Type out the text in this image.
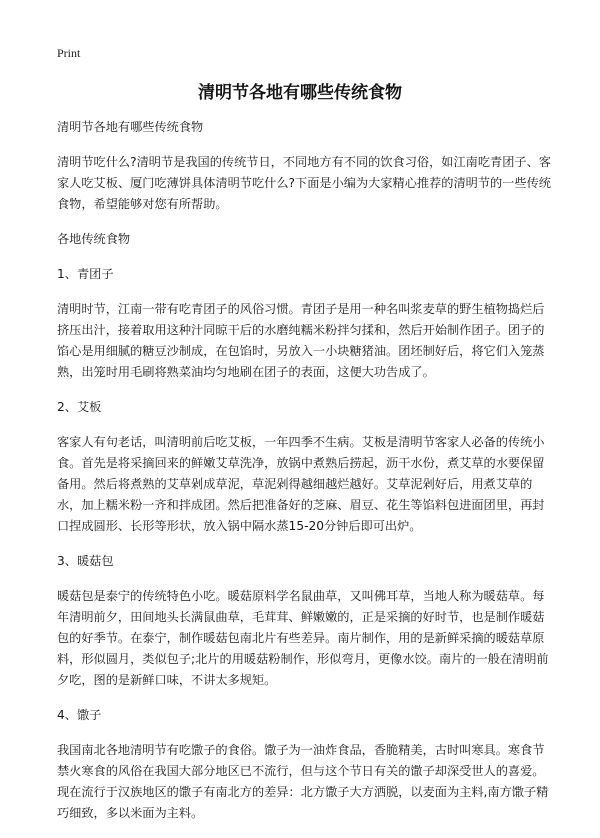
Print
清明节各地有哪些传统食物

清明节各地有哪些传统食物

清明节吃什么?清明节是我国的传统节日，不同地方有不同的饮食习俗，如江南吃青团子、客家人吃艾板、厦门吃薄饼具体清明节吃什么?下面是小编为大家精心推荐的清明节的一些传统食物，希望能够对您有所帮助。

各地传统食物

1、青团子

清明时节，江南一带有吃青团子的风俗习惯。青团子是用一种名叫浆麦草的野生植物捣烂后挤压出汁，接着取用这种汁同晾干后的水磨纯糯米粉拌匀揉和，然后开始制作团子。团子的馅心是用细腻的糖豆沙制成，在包馅时，另放入一小块糖猪油。团坯制好后，将它们入笼蒸熟，出笼时用毛刷将熟菜油均匀地刷在团子的表面，这便大功告成了。

2、艾板

客家人有句老话，叫清明前后吃艾板，一年四季不生病。艾板是清明节客家人必备的传统小食。首先是将采摘回来的鲜嫩艾草洗净，放锅中煮熟后捞起，沥干水份，煮艾草的水要保留备用。然后将煮熟的艾草剁成草泥，草泥剁得越细越烂越好。艾草泥剁好后，用煮艾草的水，加上糯米粉一齐和拌成团。然后把准备好的芝麻、眉豆、花生等馅料包进面团里，再封口捏成圆形、长形等形状，放入锅中隔水蒸15-20分钟后即可出炉。

3、暖菇包

暖菇包是泰宁的传统特色小吃。暖菇原料学名鼠曲草，又叫佛耳草，当地人称为暖菇草。每年清明前夕，田间地头长满鼠曲草，毛茸茸、鲜嫩嫩的，正是采摘的好时节，也是制作暖菇包的好季节。在泰宁，制作暖菇包南北片有些差异。南片制作，用的是新鲜采摘的暖菇草原料，形似圆月，类似包子;北片的用暖菇粉制作，形似弯月，更像水饺。南片的一般在清明前夕吃，图的是新鲜口味，不讲太多规矩。

4、馓子

我国南北各地清明节有吃馓子的食俗。馓子为一油炸食品，香脆精美，古时叫寒具。寒食节禁火寒食的风俗在我国大部分地区已不流行，但与这个节日有关的馓子却深受世人的喜爱。现在流行于汉族地区的馓子有南北方的差异：北方馓子大方洒脱，以麦面为主料,南方馓子精巧细致，多以米面为主料。
